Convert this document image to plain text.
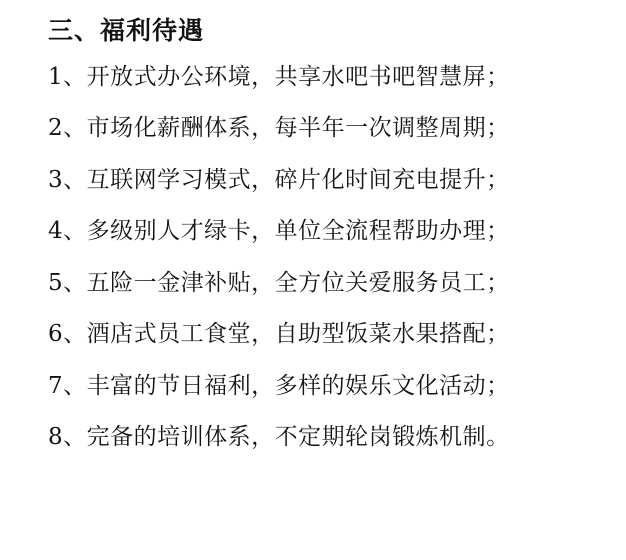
三、福利待遇
1、开放式办公环境，共享水吧书吧智慧屏；
2、市场化薪酬体系，每半年一次调整周期；
3、互联网学习模式，碎片化时间充电提升；
4、多级别人才绿卡，单位全流程帮助办理；
5、五险一金津补贴，全方位关爱服务员工；
6、酒店式员工食堂，自助型饭菜水果搭配；
7、丰富的节日福利，多样的娱乐文化活动；
8、完备的培训体系，不定期轮岗锻炼机制。
